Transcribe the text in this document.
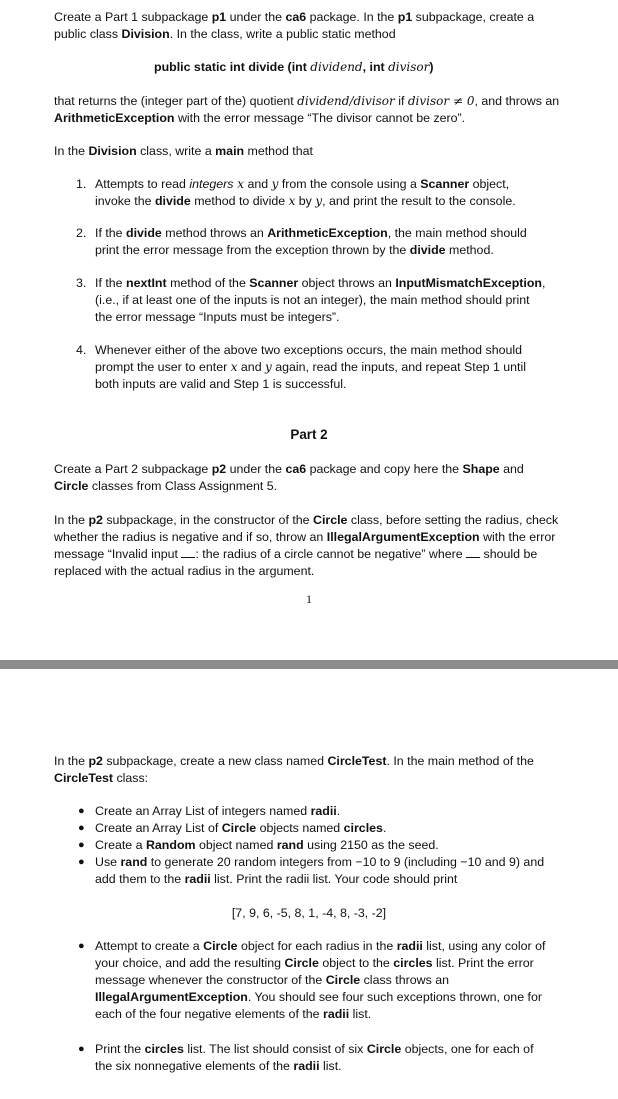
Create a Part 1 subpackage p1 under the ca6 package. In the p1 subpackage, create a public class Division. In the class, write a public static method

public static int divide (int dividend, int divisor)

that returns the (integer part of the) quotient dividend/divisor if divisor ≠ 0, and throws an ArithmeticException with the error message “The divisor cannot be zero”.

In the Division class, write a main method that

1. Attempts to read integers x and y from the console using a Scanner object, invoke the divide method to divide x by y, and print the result to the console.
2. If the divide method throws an ArithmeticException, the main method should print the error message from the exception thrown by the divide method.
3. If the nextInt method of the Scanner object throws an InputMismatchException, (i.e., if at least one of the inputs is not an integer), the main method should print the error message “Inputs must be integers”.
4. Whenever either of the above two exceptions occurs, the main method should prompt the user to enter x and y again, read the inputs, and repeat Step 1 until both inputs are valid and Step 1 is successful.
Part 2

Create a Part 2 subpackage p2 under the ca6 package and copy here the Shape and Circle classes from Class Assignment 5.

In the p2 subpackage, in the constructor of the Circle class, before setting the radius, check whether the radius is negative and if so, throw an IllegalArgumentException with the error message “Invalid input : the radius of a circle cannot be negative” where  should be replaced with the actual radius in the argument.

1

In the p2 subpackage, create a new class named CircleTest. In the main method of the CircleTest class:

● Create an Array List of integers named radii.
● Create an Array List of Circle objects named circles.
● Create a Random object named rand using 2150 as the seed.
● Use rand to generate 20 random integers from −10 to 9 (including −10 and 9) and add them to the radii list. Print the radii list. Your code should print
[7, 9, 6, -5, 8, 1, -4, 8, -3, -2]
● Attempt to create a Circle object for each radius in the radii list, using any color of your choice, and add the resulting Circle object to the circles list. Print the error message whenever the constructor of the Circle class throws an IllegalArgumentException. You should see four such exceptions thrown, one for each of the four negative elements of the radii list.
● Print the circles list. The list should consist of six Circle objects, one for each of the six nonnegative elements of the radii list.
